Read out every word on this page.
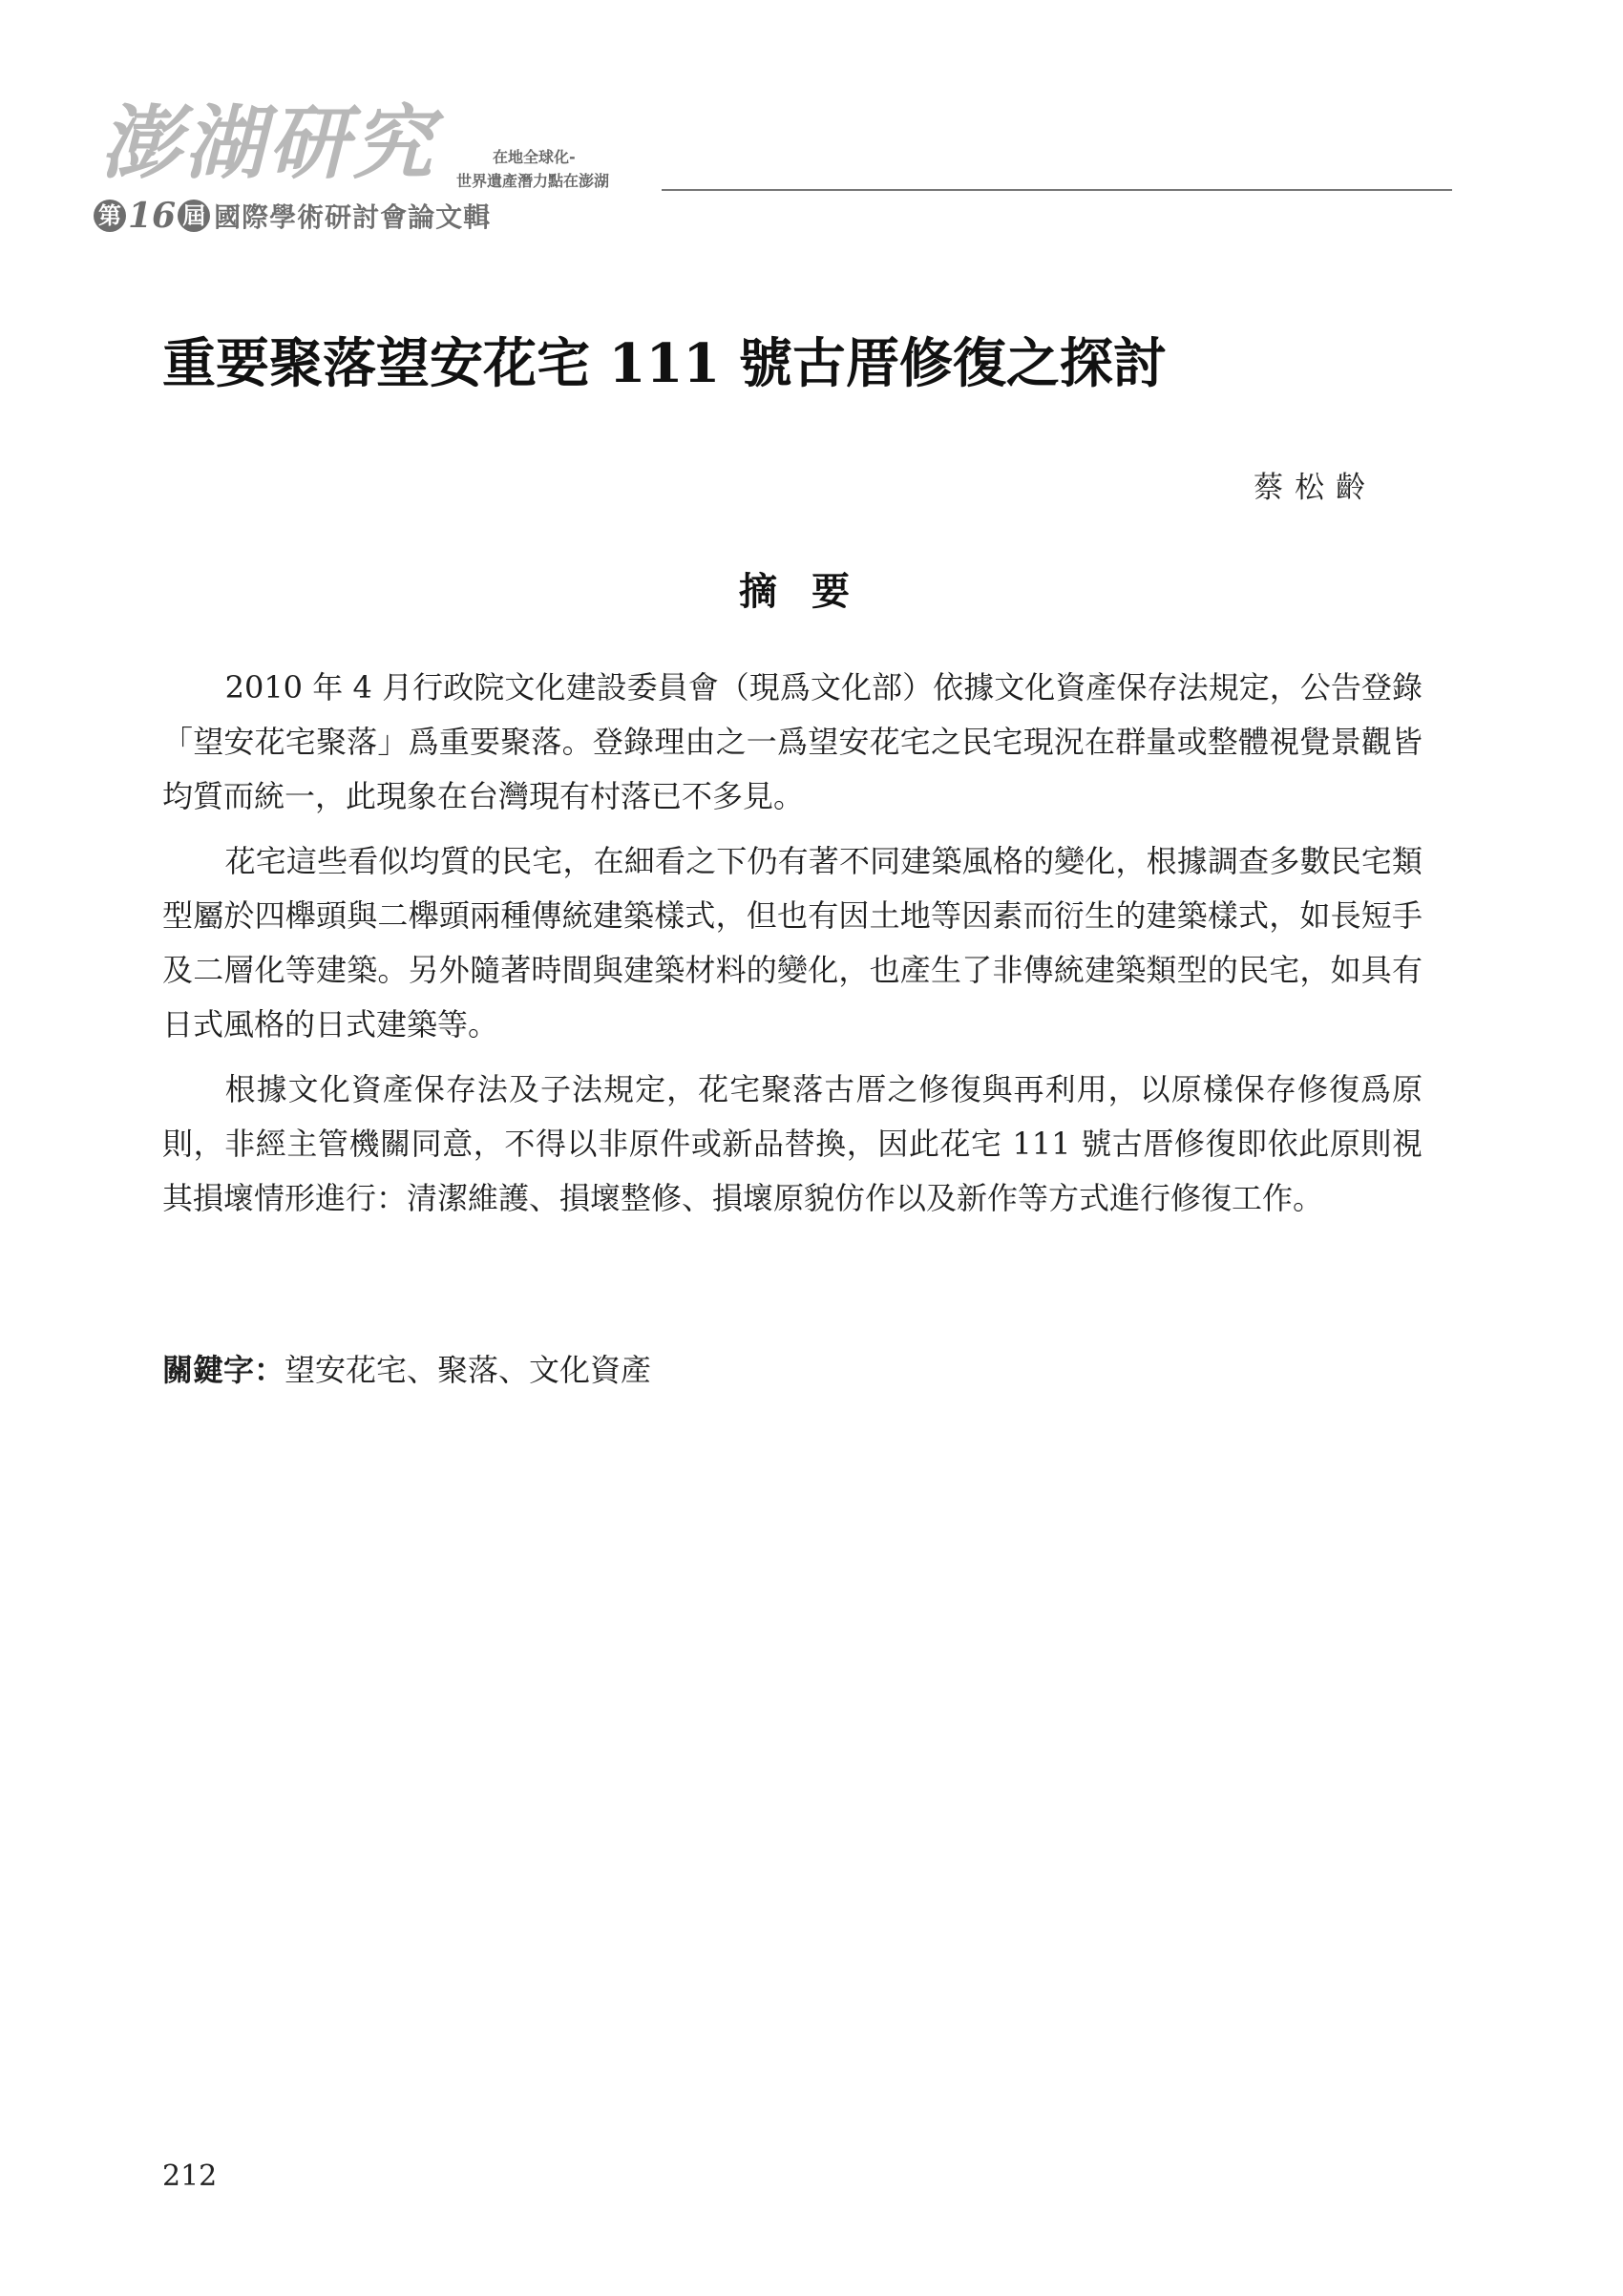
澎湖研究
第 16 屆 國際學術研討會論文輯
在地全球化-
世界遺產潛力點在澎湖
重要聚落望安花宅 111 號古厝修復之探討
蔡松齡
摘要

2010 年 4 月行政院文化建設委員會（現爲文化部）依據文化資產保存法規定，公告登錄「望安花宅聚落」爲重要聚落。登錄理由之一爲望安花宅之民宅現況在群量或整體視覺景觀皆均質而統一，此現象在台灣現有村落已不多見。

花宅這些看似均質的民宅，在細看之下仍有著不同建築風格的變化，根據調查多數民宅類型屬於四櫸頭與二櫸頭兩種傳統建築樣式，但也有因土地等因素而衍生的建築樣式，如長短手及二層化等建築。另外隨著時間與建築材料的變化，也產生了非傳統建築類型的民宅，如具有日式風格的日式建築等。

根據文化資產保存法及子法規定，花宅聚落古厝之修復與再利用，以原樣保存修復爲原則，非經主管機關同意，不得以非原件或新品替換，因此花宅 111 號古厝修復即依此原則視其損壞情形進行：清潔維護、損壞整修、損壞原貌仿作以及新作等方式進行修復工作。

關鍵字：望安花宅、聚落、文化資產
212
